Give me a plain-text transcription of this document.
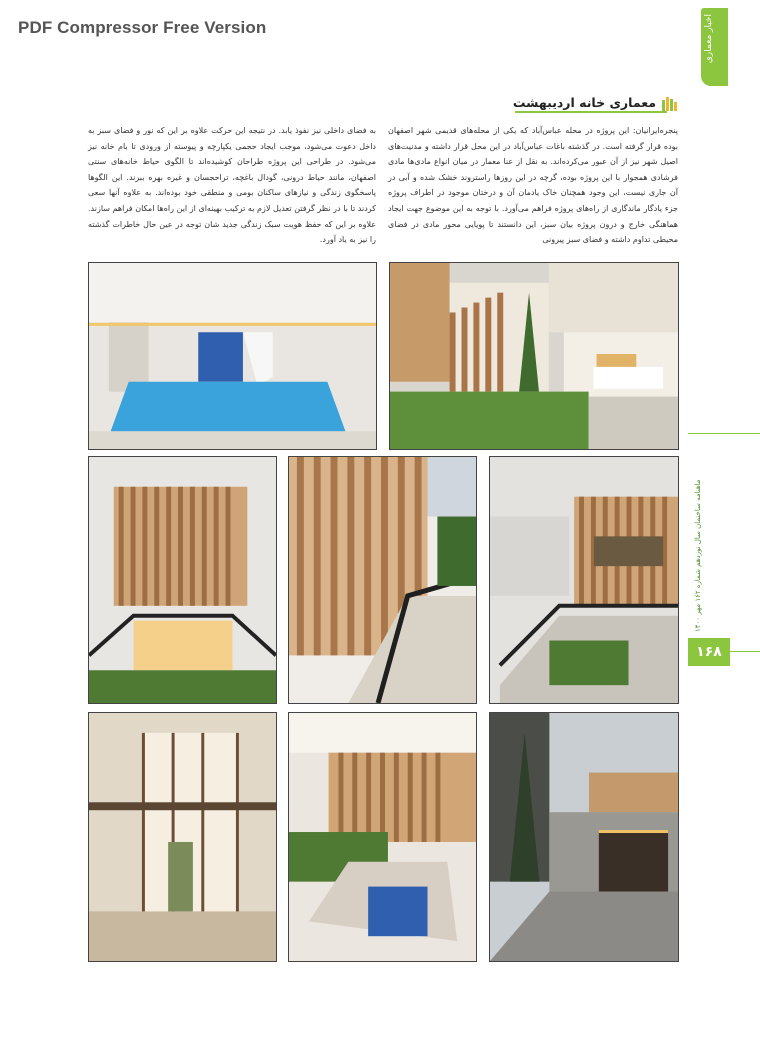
PDF Compressor Free Version	اخبار معماری
ماهنامه ساختمان سال نوزدهم شماره ۱۶۲ مهر ۱۴۰۰
۱۶۸
معماری خانه اردیبهشت
پنجره‌ایرانیان: این پروژه در محله عباس‌آباد که یکی از محله‌های قدیمی شهر اصفهان بوده قرار گرفته است. در گذشته باغات عباس‌آباد در این محل قرار داشته و مدنیت‌های اصیل شهر نیز از آن عبور می‌کرده‌اند. به نقل از عنا معمار در میان انواع مادی‌ها مادی فرشادی همجوار با این پروژه بوده، گرچه در این روزها راستروند خشک شده و آبی در آن جاری نیست، این وجود همچنان خاک یادمان آن و درختان موجود در اطراف پروژه جزء یادگار ماندگاری از راه‌های پروژه فراهم می‌آورد. با توجه به این موضوع جهت ایجاد هماهنگی خارج و درون پروژه بیان سبز، این دانستند تا پویایی محور مادی در فضای محیطی تداوم داشته و فضای سبز پیرونی
به فضای داخلی نیز نفوذ یابد. در نتیجه این حرکت علاوه بر این که نور و فضای سبز به داخل دعوت می‌شود، موجب ایجاد حجمی یکپارچه و پیوسته از ورودی تا بام خانه نیز می‌شود. در طراحی این پروژه طراحان کوشیده‌اند تا الگوی حیاط خانه‌های سنتی اصفهان، مانند حیاط درونی، گودال باغچه، تراحجسان و غیره بهره ببرند. این الگوها پاسخگوی زندگی و نیازهای ساکنان بومی و منطقی خود بوده‌اند. به علاوه آنها سعی کردند تا با در نظر گرفتن تعدیل لازم به ترکیب بهینه‌ای از این راه‌ها امکان فراهم سازند. علاوه بر این که حفظ هویت سبک زندگی جدید شان توجه در عین حال خاطرات گذشته را نیز به یاد آورد.
